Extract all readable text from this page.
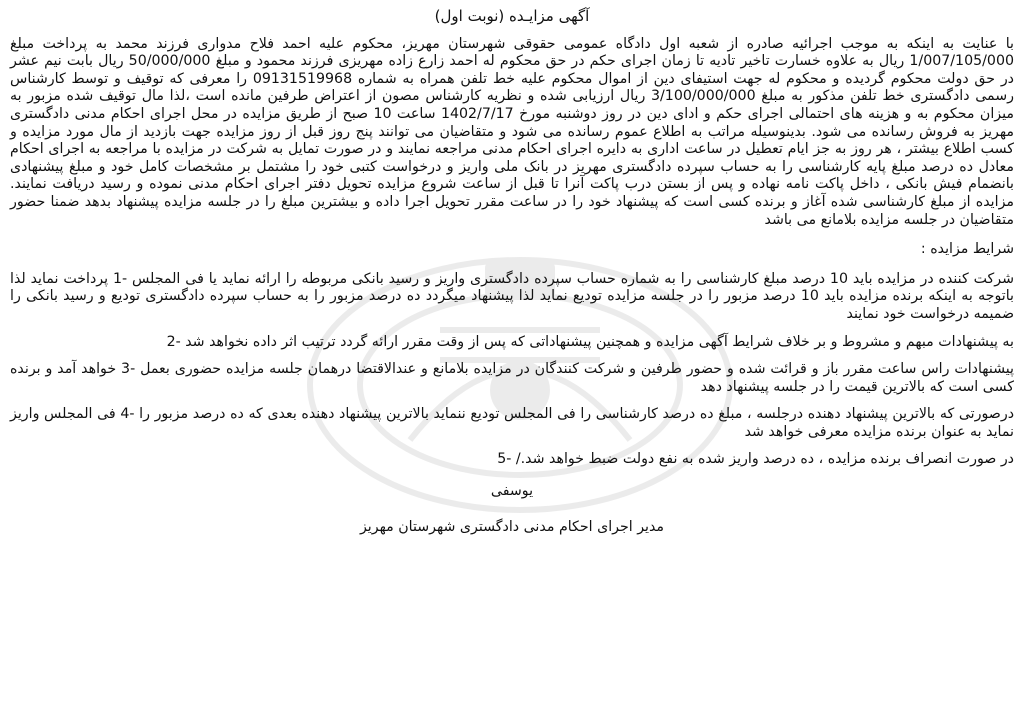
آگهی مزایـده (نوبت اول)

با عنایت به اینکه به موجب اجرائیه صادره از شعبه اول دادگاه عمومی حقوقی شهرستان مهریز، محکوم علیه احمد فلاح مدواری فرزند محمد به پرداخت مبلغ 1/007/105/000 ریال به علاوه خسارت تاخیر تادیه تا زمان اجرای حکم در حق محکوم له احمد زارع زاده مهریزی فرزند محمود و مبلغ 50/000/000 ریال بابت نیم عشر در حق دولت محکوم گردیده و محکوم له جهت استیفای دین از اموال محکوم علیه خط تلفن همراه به شماره 09131519968 را معرفی که توقیف و توسط کارشناس رسمی دادگستری خط تلفن مذکور به مبلغ 3/100/000/000 ریال ارزیابی شده و نظریه کارشناس مصون از اعتراض طرفین مانده است ،لذا مال توقیف شده مزبور به میزان محکوم به و هزینه های احتمالی اجرای حکم و ادای دین در روز دوشنبه مورخ 1402/7/17 ساعت 10 صبح از طریق مزایده در محل اجرای احکام مدنی دادگستری مهریز به فروش رسانده می شود. بدینوسیله مراتب به اطلاع عموم رسانده می شود و متقاضیان می توانند پنج روز قبل از روز مزایده جهت بازدید از مال مورد مزایده و کسب اطلاع بیشتر ، هر روز به جز ایام تعطیل در ساعت اداری به دایره اجرای احکام مدنی مراجعه نمایند و در صورت تمایل به شرکت در مزایده با مراجعه به اجرای احکام معادل ده درصد مبلغ پایه کارشناسی را به حساب سپرده دادگستری مهریز در بانک ملی واریز و درخواست کتبی خود را مشتمل بر مشخصات کامل خود و مبلغ پیشنهادی بانضمام فیش بانکی ، داخل پاکت نامه نهاده و پس از بستن درب پاکت آنرا تا قبل از ساعت شروع مزایده تحویل دفتر اجرای احکام مدنی نموده و رسید دریافت نمایند. مزایده از مبلغ کارشناسی شده آغاز و برنده کسی است که پیشنهاد خود را در ساعت مقرر تحویل اجرا داده و بیشترین مبلغ را در جلسه مزایده پیشنهاد بدهد ضمنا حضور متقاضیان در جلسه مزایده بلامانع می باشد

شرایط مزایده :
شرکت کننده در مزایده باید 10 درصد مبلغ کارشناسی را به شماره حساب سپرده دادگستری واریز و رسید بانکی مربوطه را ارائه نماید یا فی المجلس -1 پرداخت نماید لذا باتوجه به اینکه برنده مزایده باید 10 درصد مزبور را در جلسه مزایده تودیع نماید لذا پیشنهاد میگردد ده درصد مزبور را به حساب سپرده دادگستری تودیع و رسید بانکی را ضمیمه درخواست خود نمایند
به پیشنهادات مبهم و مشروط و بر خلاف شرایط آگهی مزایده و همچنین پیشنهاداتی که پس از وقت مقرر ارائه گردد ترتیب اثر داده نخواهد شد -2
پیشنهادات راس ساعت مقرر باز و قرائت شده و حضور طرفین و شرکت کنندگان در مزایده بلامانع و عندالاقتضا درهمان جلسه مزایده حضوری بعمل -3 خواهد آمد و برنده کسی است که بالاترین قیمت را در جلسه پیشنهاد دهد
درصورتی که بالاترین پیشنهاد دهنده درجلسه ، مبلغ ده درصد کارشناسی را فی المجلس تودیع ننماید بالاترین پیشنهاد دهنده بعدی که ده درصد مزبور را -4 فی المجلس واریز نماید به عنوان برنده مزایده معرفی خواهد شد
در صورت انصراف برنده مزایده ، ده درصد واریز شده به نفع دولت ضبط خواهد شد./ -5
یوسفی
مدیر اجرای احکام مدنی دادگستری شهرستان مهریز
